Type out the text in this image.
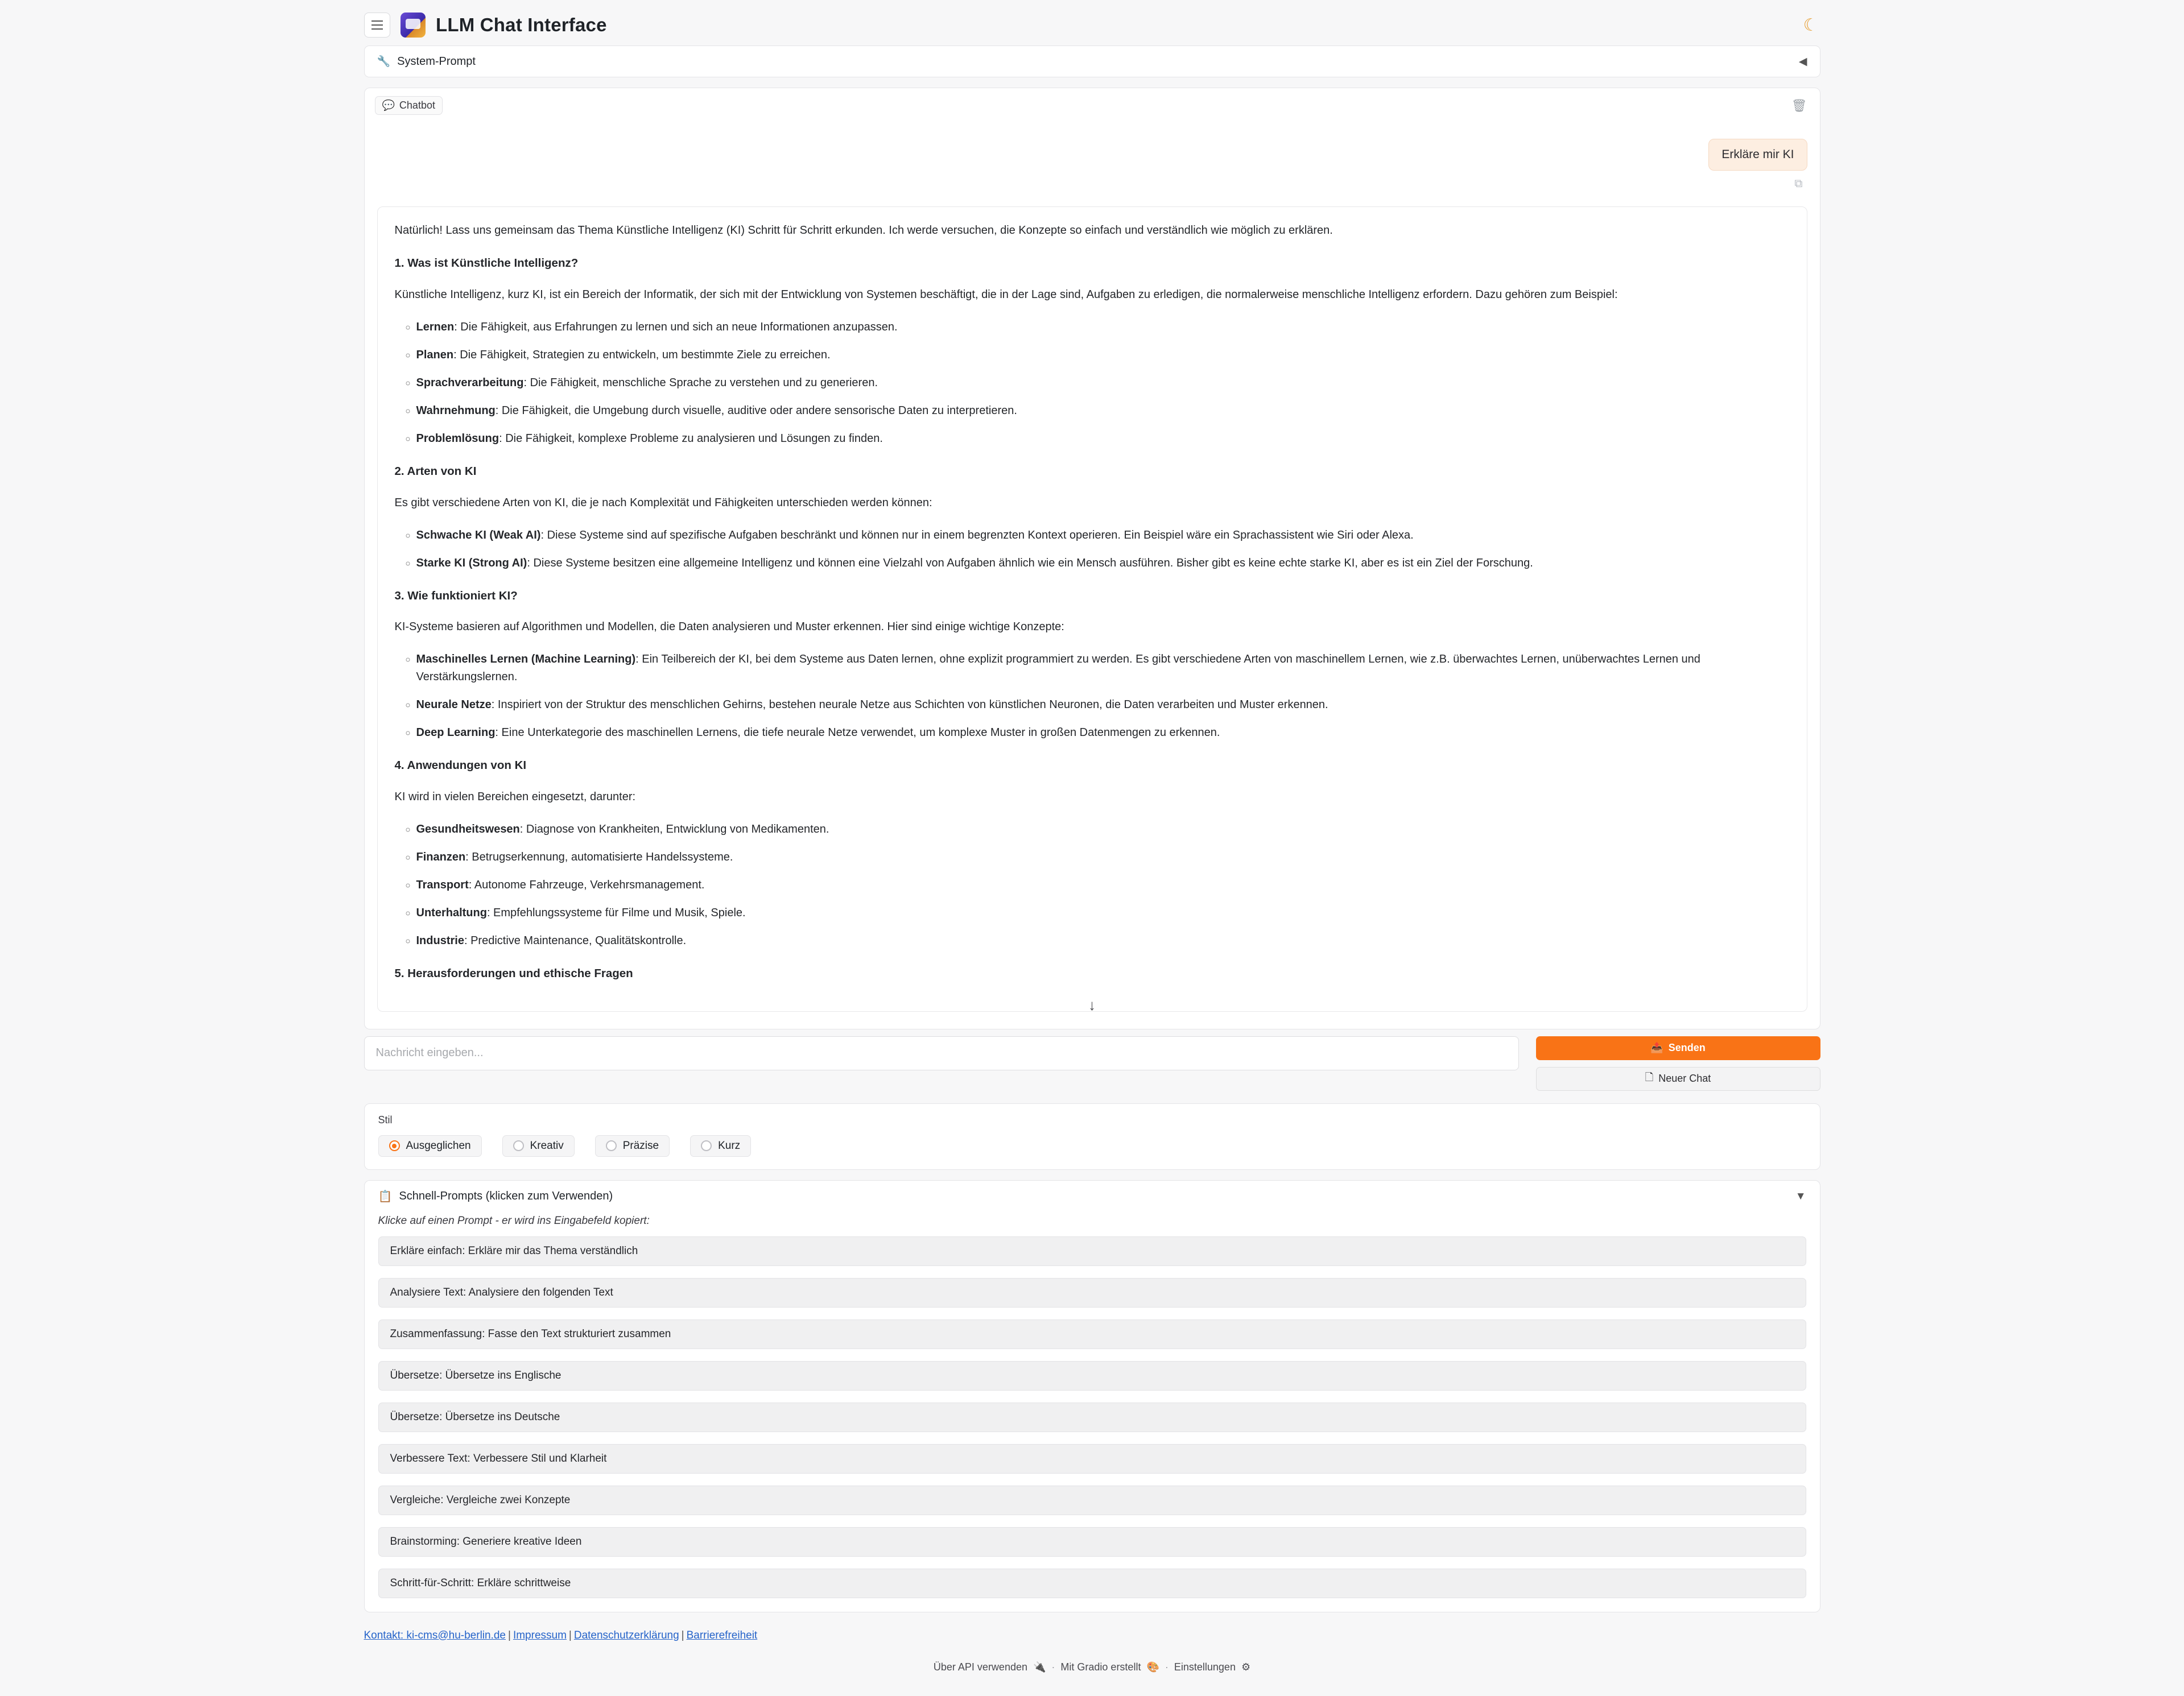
LLM Chat Interface	☾
🔧 System-Prompt	◀
💬 Chatbot	🗑
Erkläre mir KI
⧉

Natürlich! Lass uns gemeinsam das Thema Künstliche Intelligenz (KI) Schritt für Schritt erkunden. Ich werde versuchen, die Konzepte so einfach und verständlich wie möglich zu erklären.

1. Was ist Künstliche Intelligenz?

Künstliche Intelligenz, kurz KI, ist ein Bereich der Informatik, der sich mit der Entwicklung von Systemen beschäftigt, die in der Lage sind, Aufgaben zu erledigen, die normalerweise menschliche Intelligenz erfordern. Dazu gehören zum Beispiel:

◦ Lernen: Die Fähigkeit, aus Erfahrungen zu lernen und sich an neue Informationen anzupassen.
◦ Planen: Die Fähigkeit, Strategien zu entwickeln, um bestimmte Ziele zu erreichen.
◦ Sprachverarbeitung: Die Fähigkeit, menschliche Sprache zu verstehen und zu generieren.
◦ Wahrnehmung: Die Fähigkeit, die Umgebung durch visuelle, auditive oder andere sensorische Daten zu interpretieren.
◦ Problemlösung: Die Fähigkeit, komplexe Probleme zu analysieren und Lösungen zu finden.
2. Arten von KI

Es gibt verschiedene Arten von KI, die je nach Komplexität und Fähigkeiten unterschieden werden können:

◦ Schwache KI (Weak AI): Diese Systeme sind auf spezifische Aufgaben beschränkt und können nur in einem begrenzten Kontext operieren. Ein Beispiel wäre ein Sprachassistent wie Siri oder Alexa.
◦ Starke KI (Strong AI): Diese Systeme besitzen eine allgemeine Intelligenz und können eine Vielzahl von Aufgaben ähnlich wie ein Mensch ausführen. Bisher gibt es keine echte starke KI, aber es ist ein Ziel der Forschung.
3. Wie funktioniert KI?

KI-Systeme basieren auf Algorithmen und Modellen, die Daten analysieren und Muster erkennen. Hier sind einige wichtige Konzepte:

◦ Maschinelles Lernen (Machine Learning): Ein Teilbereich der KI, bei dem Systeme aus Daten lernen, ohne explizit programmiert zu werden. Es gibt verschiedene Arten von maschinellem Lernen, wie z.B. überwachtes Lernen, unüberwachtes Lernen und Verstärkungslernen.
◦ Neurale Netze: Inspiriert von der Struktur des menschlichen Gehirns, bestehen neurale Netze aus Schichten von künstlichen Neuronen, die Daten verarbeiten und Muster erkennen.
◦ Deep Learning: Eine Unterkategorie des maschinellen Lernens, die tiefe neurale Netze verwendet, um komplexe Muster in großen Datenmengen zu erkennen.
4. Anwendungen von KI

KI wird in vielen Bereichen eingesetzt, darunter:

◦ Gesundheitswesen: Diagnose von Krankheiten, Entwicklung von Medikamenten.
◦ Finanzen: Betrugserkennung, automatisierte Handelssysteme.
◦ Transport: Autonome Fahrzeuge, Verkehrsmanagement.
◦ Unterhaltung: Empfehlungssysteme für Filme und Musik, Spiele.
◦ Industrie: Predictive Maintenance, Qualitätskontrolle.
5. Herausforderungen und ethische Fragen
↓
Nachricht eingeben...
📤 Senden
🗋 Neuer Chat
Stil
Ausgeglichen	Kreativ	Präzise	Kurz
📋 Schnell-Prompts (klicken zum Verwenden)	▼
Klicke auf einen Prompt - er wird ins Eingabefeld kopiert:
Erkläre einfach: Erkläre mir das Thema verständlich
Analysiere Text: Analysiere den folgenden Text
Zusammenfassung: Fasse den Text strukturiert zusammen
Übersetze: Übersetze ins Englische
Übersetze: Übersetze ins Deutsche
Verbessere Text: Verbessere Stil und Klarheit
Vergleiche: Vergleiche zwei Konzepte
Brainstorming: Generiere kreative Ideen
Schritt-für-Schritt: Erkläre schrittweise
Kontakt: ki-cms@hu-berlin.de | Impressum | Datenschutzerklärung | Barrierefreiheit
Über API verwenden 🔌 · Mit Gradio erstellt 🎨 · Einstellungen ⚙
